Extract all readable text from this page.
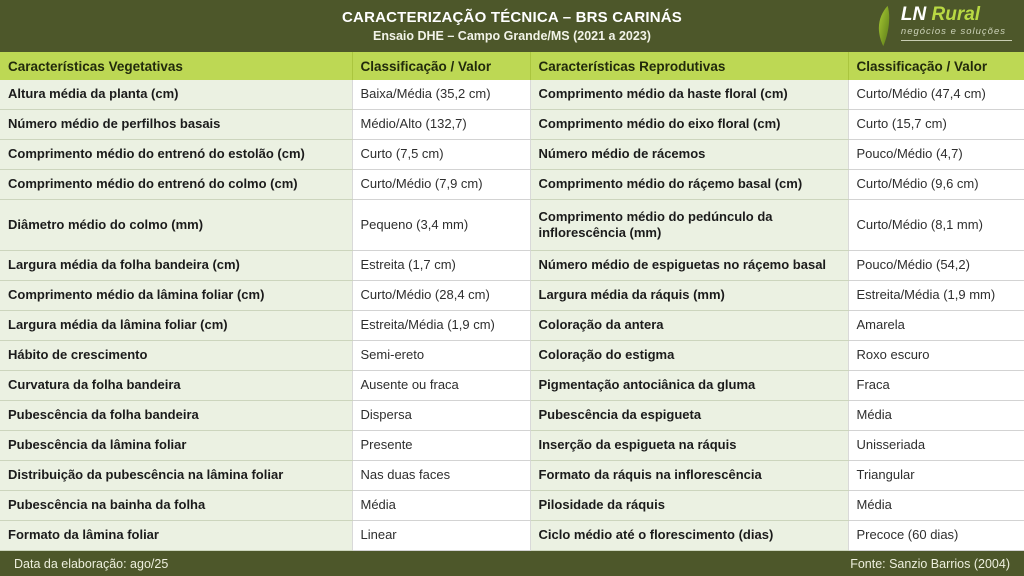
CARACTERIZAÇÃO TÉCNICA – BRS CARINÁS
Ensaio DHE – Campo Grande/MS (2021 a 2023)
LN Rural
negócios e soluções
Características Vegetativas	Classificação / Valor	Características Reprodutivas	Classificação / Valor
Altura média da planta (cm)	Baixa/Média (35,2 cm)	Comprimento médio da haste floral (cm)	Curto/Médio (47,4 cm)
Número médio de perfilhos basais	Médio/Alto (132,7)	Comprimento médio do eixo floral (cm)	Curto (15,7 cm)
Comprimento médio do entrenó do estolão (cm)	Curto (7,5 cm)	Número médio de rácemos	Pouco/Médio (4,7)
Comprimento médio do entrenó do colmo (cm)	Curto/Médio (7,9 cm)	Comprimento médio do ráçemo basal (cm)	Curto/Médio (9,6 cm)
Diâmetro médio do colmo (mm)	Pequeno (3,4 mm)	Comprimento médio do pedúnculo da inflorescência (mm)	Curto/Médio (8,1 mm)
Largura média da folha bandeira (cm)	Estreita (1,7 cm)	Número médio de espiguetas no ráçemo basal	Pouco/Médio (54,2)
Comprimento médio da lâmina foliar (cm)	Curto/Médio (28,4 cm)	Largura média da ráquis (mm)	Estreita/Média (1,9 mm)
Largura média da lâmina foliar (cm)	Estreita/Média (1,9 cm)	Coloração da antera	Amarela
Hábito de crescimento	Semi-ereto	Coloração do estigma	Roxo escuro
Curvatura da folha bandeira	Ausente ou fraca	Pigmentação antociânica da gluma	Fraca
Pubescência da folha bandeira	Dispersa	Pubescência da espigueta	Média
Pubescência da lâmina foliar	Presente	Inserção da espigueta na ráquis	Unisseriada
Distribuição da pubescência na lâmina foliar	Nas duas faces	Formato da ráquis na inflorescência	Triangular
Pubescência na bainha da folha	Média	Pilosidade da ráquis	Média
Formato da lâmina foliar	Linear	Ciclo médio até o florescimento (dias)	Precoce (60 dias)
Data da elaboração: ago/25	Fonte: Sanzio Barrios (2004)
